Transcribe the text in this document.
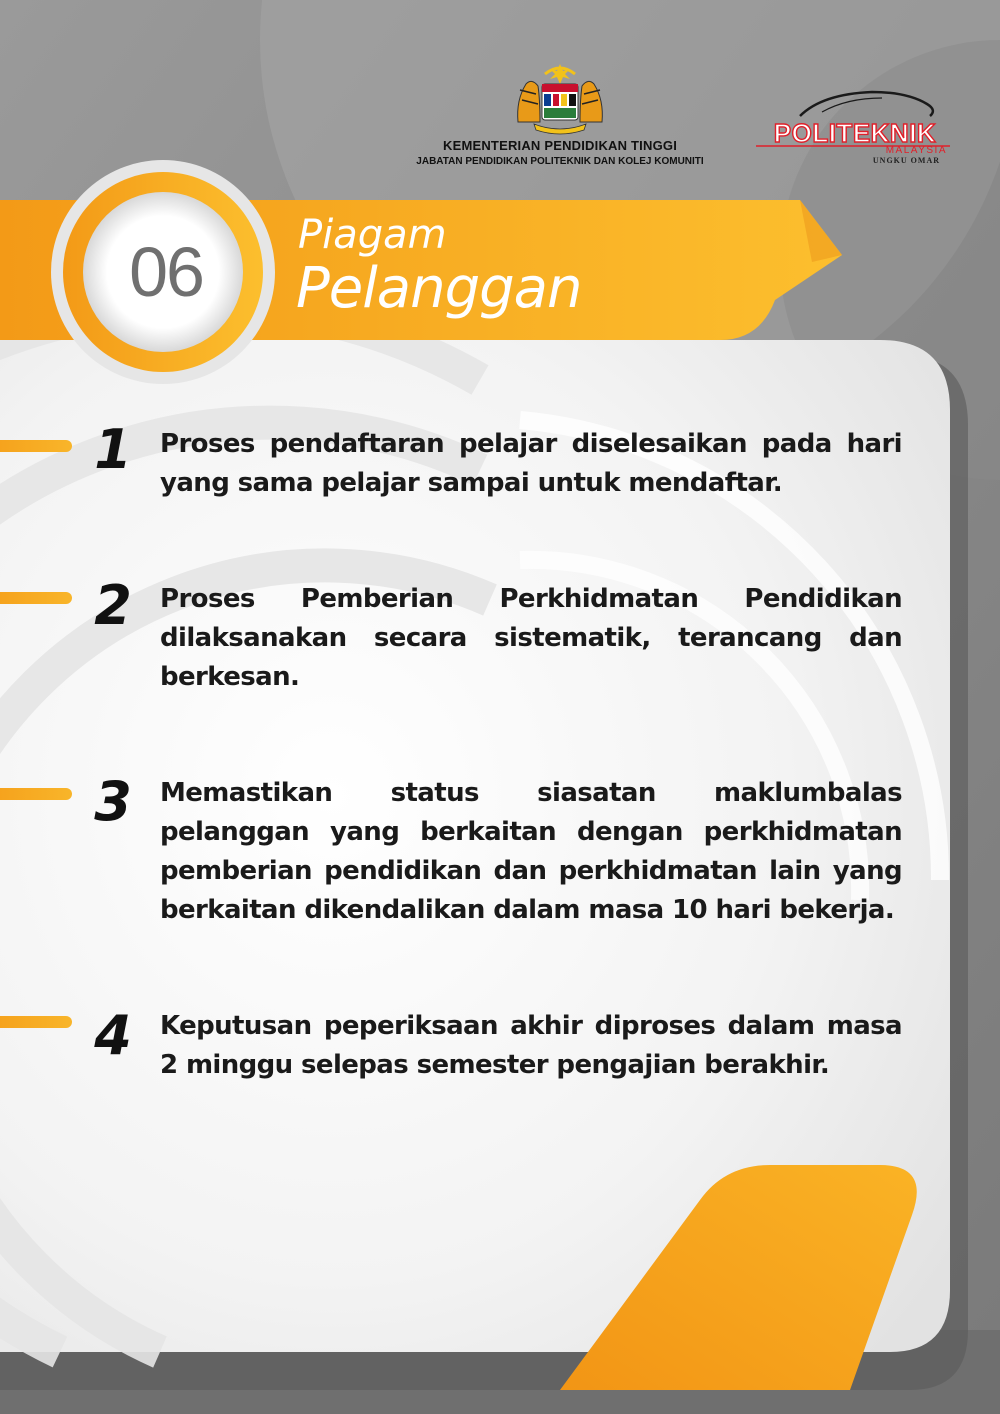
KEMENTERIAN PENDIDIKAN TINGGI
JABATAN PENDIDIKAN POLITEKNIK DAN KOLEJ KOMUNITI
POLITEKNIK
MALAYSIA
UNGKU OMAR
06	Piagam
Pelanggan
1 Proses pendaftaran pelajar diselesaikan pada hari yang sama pelajar sampai untuk mendaftar.
2 Proses Pemberian Perkhidmatan Pendidikan dilaksanakan secara sistematik, terancang dan berkesan.
3 Memastikan status siasatan maklumbalas pelanggan yang berkaitan dengan perkhidmatan pemberian pendidikan dan perkhidmatan lain yang berkaitan dikendalikan dalam masa 10 hari bekerja.
4 Keputusan peperiksaan akhir diproses dalam masa 2 minggu selepas semester pengajian berakhir.
